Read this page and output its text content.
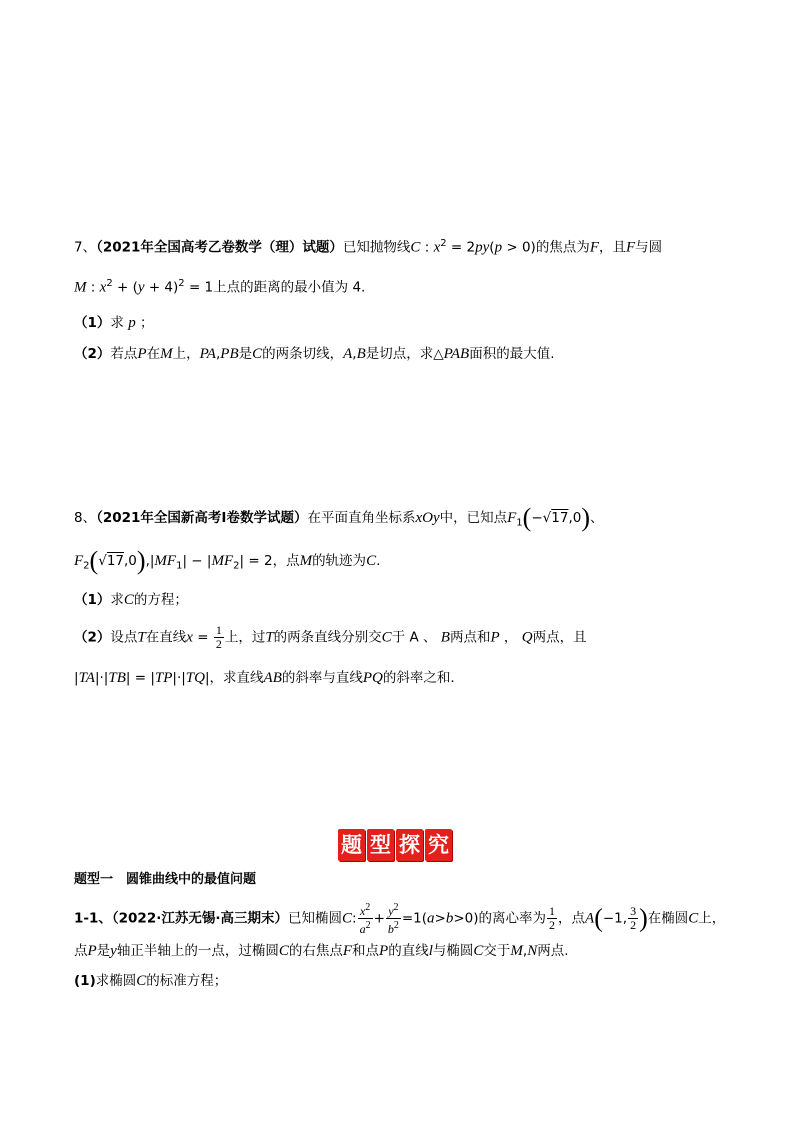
7、（2021年全国高考乙卷数学（理）试题）已知抛物线C : $x^2 = 2py(p > 0)$的焦点为F，且F与圆
M : $x^2 + (y + 4)^2 = 1$上点的距离的最小值为 4.
（1）求 p ；
（2）若点P在M上，PA,PB是C的两条切线，A,B是切点，求△PAB面积的最大值.
8、（2021年全国新高考Ⅰ卷数学试题）在平面直角坐标系xOy中，已知点$F_1(-√17,0)$、
$F_2(√17,0),|MF_1| - |MF_2| = 2$，点M的轨迹为C.
（1）求C的方程；
（2）设点T在直线$x = \frac{1}{2}$ 上，过T的两条直线分别交C于 A 、 B两点和P ， Q两点，且
|TA|·|TB| = |TP|·|TQ|，求直线AB的斜率与直线PQ的斜率之和.
题 型 探 究
题型一　圆锥曲线中的最值问题
1-1、（2022·江苏无锡·高三期末）已知椭圆C: $\frac{x^2}{a^2} + \frac{y^2}{b^2} =1(a>b>0)$的离心率为 $\frac{1}{2}$ ，点A(−1, $\frac{3}{2}$ )在椭圆C上，
点P是y轴正半轴上的一点，过椭圆C的右焦点F和点P的直线l与椭圆C交于M,N两点.
(1)求椭圆C的标准方程；
